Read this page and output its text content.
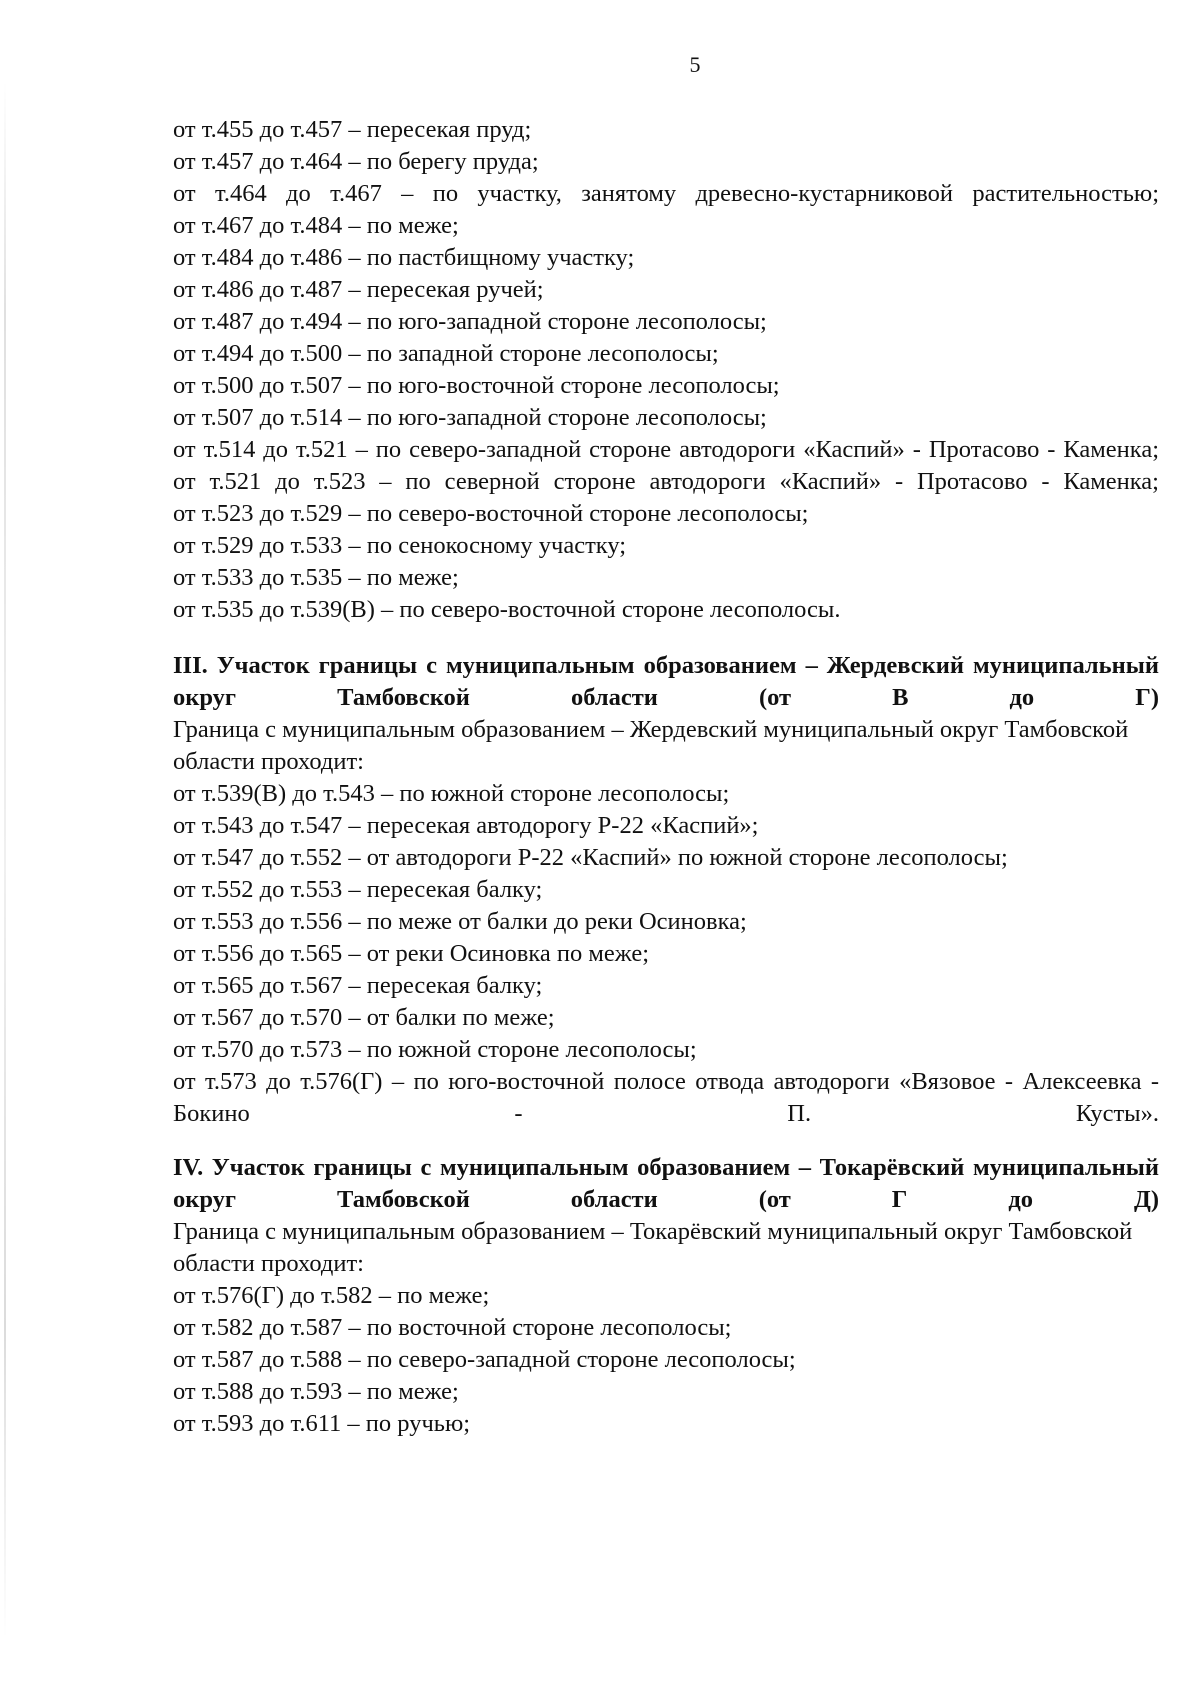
5
от т.455 до т.457 – пересекая пруд;
от т.457 до т.464 – по берегу пруда;
от т.464 до т.467 – по участку, занятому древесно-кустарниковой растительностью;
от т.467 до т.484 – по меже;
от т.484 до т.486 – по пастбищному участку;
от т.486 до т.487 – пересекая ручей;
от т.487 до т.494 – по юго-западной стороне лесополосы;
от т.494 до т.500 – по западной стороне лесополосы;
от т.500 до т.507 – по юго-восточной стороне лесополосы;
от т.507 до т.514 – по юго-западной стороне лесополосы;
от т.514 до т.521 – по северо-западной стороне автодороги «Каспий» - Протасово - Каменка;
от т.521 до т.523 – по северной стороне автодороги «Каспий» - Протасово - Каменка;
от т.523 до т.529 – по северо-восточной стороне лесополосы;
от т.529 до т.533 – по сенокосному участку;
от т.533 до т.535 – по меже;
от т.535 до т.539(В) – по северо-восточной стороне лесополосы.
III. Участок границы с муниципальным образованием – Жердевский муниципальный округ Тамбовской области (от В до Г)
Граница с муниципальным образованием – Жердевский муниципальный округ Тамбовской области проходит:
от т.539(В) до т.543 – по южной стороне лесополосы;
от т.543 до т.547 – пересекая автодорогу Р-22 «Каспий»;
от т.547 до т.552 – от автодороги Р-22 «Каспий» по южной стороне лесополосы;
от т.552 до т.553 – пересекая балку;
от т.553 до т.556 – по меже от балки до реки Осиновка;
от т.556 до т.565 – от реки Осиновка по меже;
от т.565 до т.567 – пересекая балку;
от т.567 до т.570 – от балки по меже;
от т.570 до т.573 – по южной стороне лесополосы;
от т.573 до т.576(Г) – по юго-восточной полосе отвода автодороги «Вязовое - Алексеевка - Бокино - П. Кусты».
IV. Участок границы с муниципальным образованием – Токарёвский муниципальный округ Тамбовской области (от Г до Д)
Граница с муниципальным образованием – Токарёвский муниципальный округ Тамбовской области проходит:
от т.576(Г) до т.582 – по меже;
от т.582 до т.587 – по восточной стороне лесополосы;
от т.587 до т.588 – по северо-западной стороне лесополосы;
от т.588 до т.593 – по меже;
от т.593 до т.611 – по ручью;
